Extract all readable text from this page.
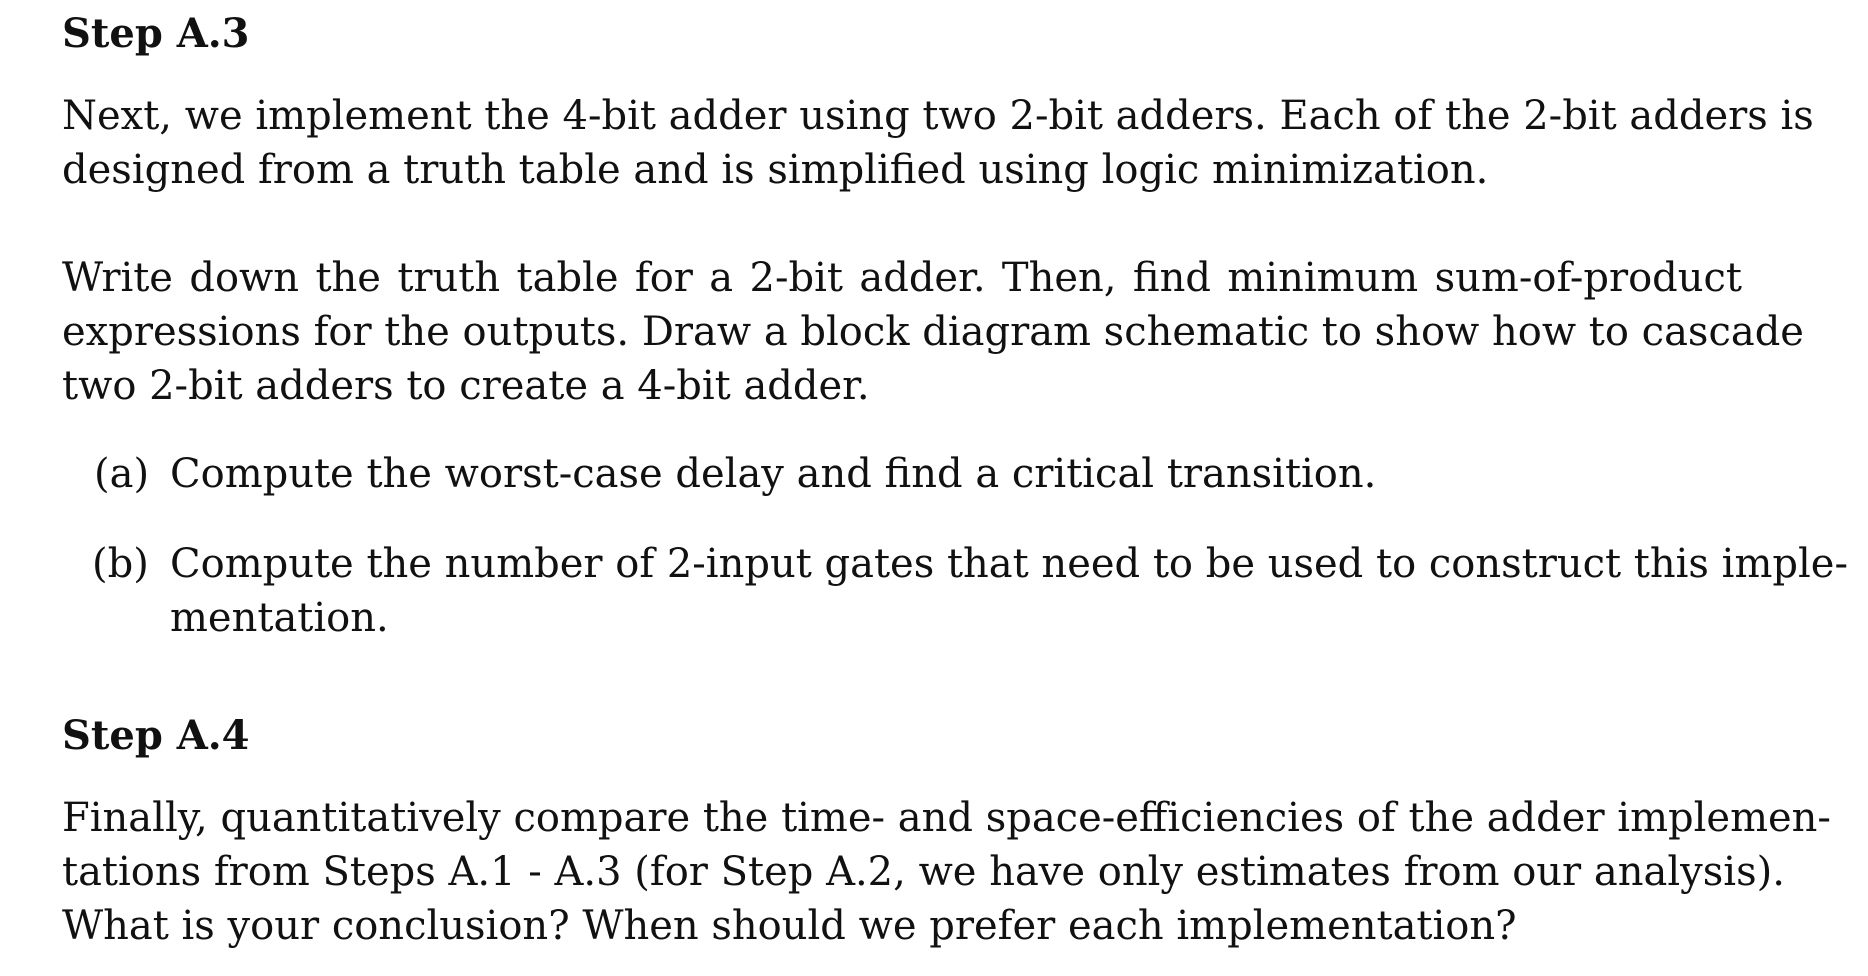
Step A.3
Next, we implement the 4-bit adder using two 2-bit adders. Each of the 2-bit adders is
designed from a truth table and is simplified using logic minimization.
Write down the truth table for a 2-bit adder. Then, find minimum sum-of-product
expressions for the outputs. Draw a block diagram schematic to show how to cascade
two 2-bit adders to create a 4-bit adder.
(a) Compute the worst-case delay and find a critical transition.
(b) Compute the number of 2-input gates that need to be used to construct this imple-
mentation.
Step A.4
Finally, quantitatively compare the time- and space-efficiencies of the adder implemen-
tations from Steps A.1 - A.3 (for Step A.2, we have only estimates from our analysis).
What is your conclusion? When should we prefer each implementation?
